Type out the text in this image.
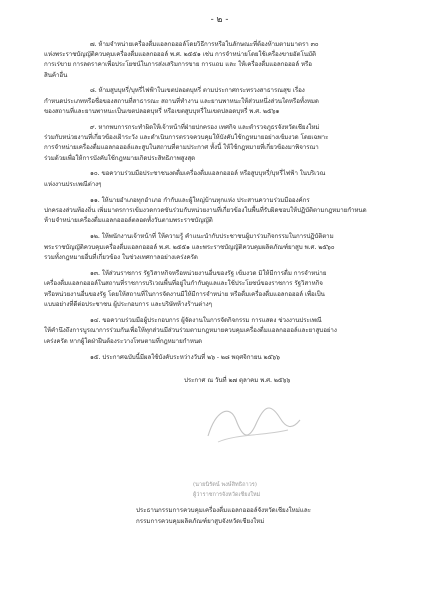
- ๒ -
๗. ห้ามจำหน่ายเครื่องดื่มแอลกอฮอล์โดยวิธีการหรือในลักษณะที่ต้องห้ามตามมาตรา ๓๐
แห่งพระราชบัญญัติควบคุมเครื่องดื่มแอลกอฮอล์ พ.ศ. ๒๕๕๑ เช่น การจำหน่ายโดยใช้เครื่องขายอัตโนมัติ
การเร่ขาย การลดราคาเพื่อประโยชน์ในการส่งเสริมการขาย การแถม และ ให้เครื่องดื่มแอลกอฮอล์ หรือ
สินค้าอื่น
๘. ห้ามสูบบุหรี่/บุหรี่ไฟฟ้าในเขตปลอดบุหรี่ ตามประกาศกระทรวงสาธารณสุข เรื่อง
กำหนดประเภทหรือชื่อของสถานที่สาธารณะ สถานที่ทำงาน และยานพาหนะให้ส่วนหนึ่งส่วนใดหรือทั้งหมด
ของสถานที่และยานพาหนะเป็นเขตปลอดบุหรี่ หรือเขตสูบบุหรี่ในเขตปลอดบุหรี่ พ.ศ. ๒๕๖๑
๙. หากพบการกระทำผิดให้เจ้าหน้าที่ฝ่ายปกครอง เทศกิจ และตำรวจภูธรจังหวัดเชียงใหม่
ร่วมกับหน่วยงานที่เกี่ยวข้องเฝ้าระวัง และดำเนินการตรวจควบคุมให้บังคับใช้กฎหมายอย่างเข้มงวด โดยเฉพาะ
การจำหน่ายเครื่องดื่มแอลกอฮอล์และสูบในสถานที่ตามประกาศ ทั้งนี้ ให้ใช้กฎหมายที่เกี่ยวข้องมาพิจารณา
ร่วมด้วยเพื่อให้การบังคับใช้กฎหมายเกิดประสิทธิภาพสูงสุด
๑๐. ขอความร่วมมือประชาชนงดดื่มเครื่องดื่มแอลกอฮอล์ หรือสูบบุหรี่/บุหรี่ไฟฟ้า ในบริเวณ
แห่งงานประเพณีต่างๆ
๑๑. ให้นายอำเภอทุกอำเภอ กำกับและผู้ใหญ่บ้านทุกแห่ง ประสานความร่วมมือองค์กร
ปกครองส่วนท้องถิ่น เพิ่มมาตรการเข้มงวดกวดขันร่วมกับหน่วยงานที่เกี่ยวข้องในพื้นที่รับผิดชอบให้ปฏิบัติตามกฎหมายกำหนด
ห้ามจำหน่ายเครื่องดื่มแอลกอฮอล์ตลอดทั้งวันตามพระราชบัญญัติ
๑๒. ให้พนักงานเจ้าหน้าที่ ให้ความรู้ คำแนะนำกับประชาชนผู้มาร่วมกิจกรรมในการปฏิบัติตาม
พระราชบัญญัติควบคุมเครื่องดื่มแอลกอฮอล์ พ.ศ. ๒๕๕๑ และพระราชบัญญัติควบคุมผลิตภัณฑ์ยาสูบ พ.ศ. ๒๕๖๐
รวมทั้งกฎหมายอื่นที่เกี่ยวข้อง ในช่วงเทศกาลอย่างเคร่งครัด
๑๓. ให้ส่วนราชการ รัฐวิสาหกิจหรือหน่วยงานอื่นของรัฐ เข้มงวด มิให้มีการดื่ม การจำหน่าย
เครื่องดื่มแอลกอฮอล์ในสถานที่ราชการบริเวณพื้นที่อยู่ในกำกับดูแลและใช้ประโยชน์ของราชการ รัฐวิสาหกิจ
หรือหน่วยงานอื่นของรัฐ โดยให้สถานที่ในการจัดงานมีให้มีการจำหน่าย หรือดื่มเครื่องดื่มแอลกอฮอล์ เพื่อเป็น
แบบอย่างที่ดีต่อประชาชน ผู้ประกอบการ และบริษัทห้างร้านต่างๆ
๑๔. ขอความร่วมมือผู้ประกอบการ ผู้จัดงานในการจัดกิจกรรม การแสดง ช่วงงานประเพณี
ให้คำนึงถึงการบูรณาการร่วมกันเพื่อให้ทุกส่วนมีส่วนร่วมตามกฎหมายควบคุมเครื่องดื่มแอลกอฮอล์และยาสูบอย่าง
เคร่งครัด หากผู้ใดฝ่าฝืนต้องระวางโทษตามที่กฎหมายกำหนด
๑๕. ประกาศฉบับนี้มีผลใช้บังคับระหว่างวันที่ ๒๖ - ๒๘ พฤศจิกายน ๒๕๖๖
ประกาศ ณ วันที่ ๒๗ ตุลาคม พ.ศ. ๒๕๖๖
(นายนิรัตน์ พงษ์สิทธิถาวร)
ผู้ว่าราชการจังหวัดเชียงใหม่
ประธานกรรมการควบคุมเครื่องดื่มแอลกอฮอล์จังหวัดเชียงใหม่และ
กรรมการควบคุมผลิตภัณฑ์ยาสูบจังหวัดเชียงใหม่
